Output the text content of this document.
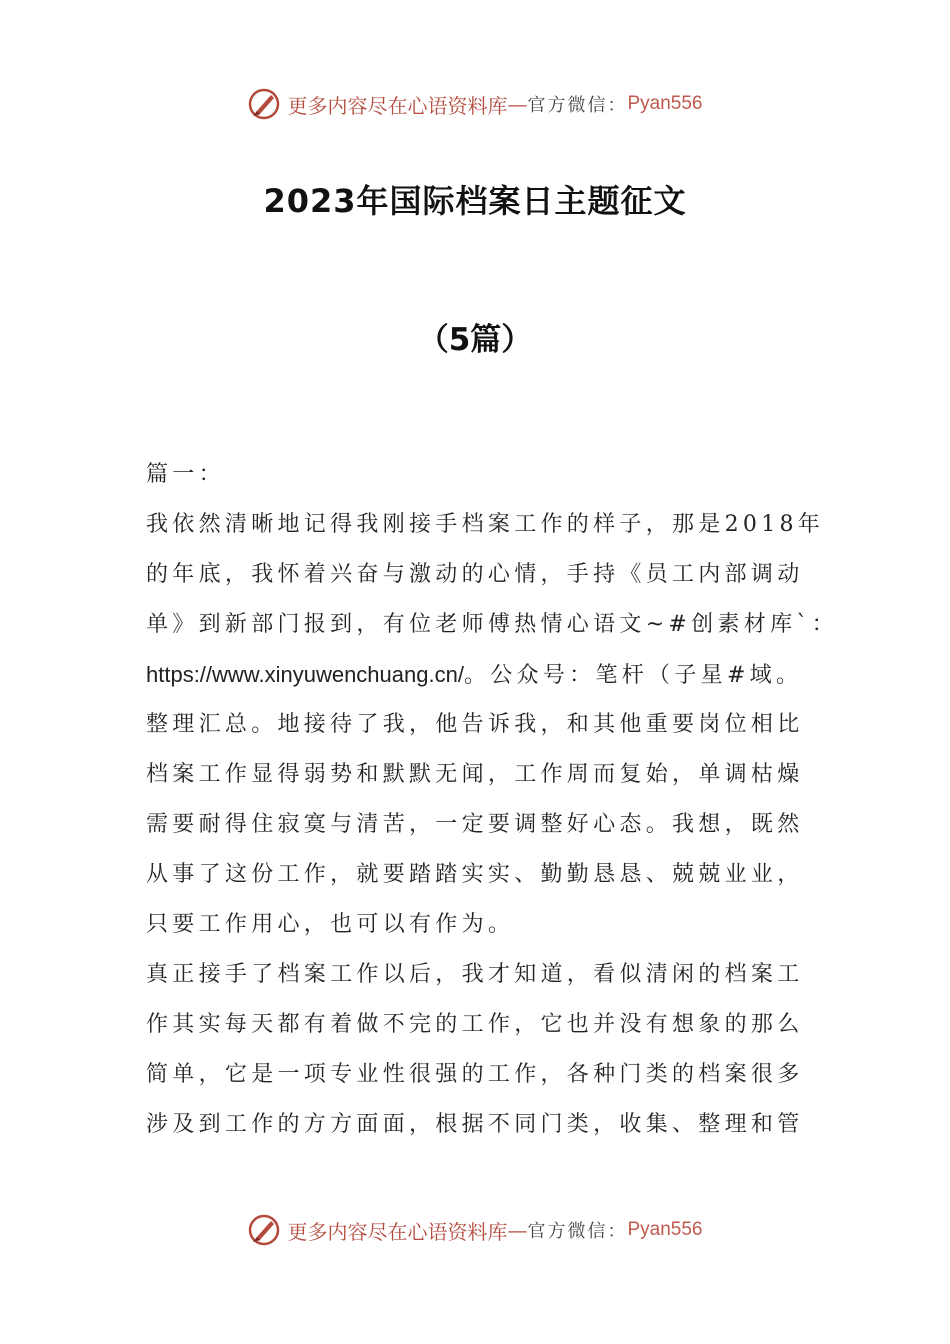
更多内容尽在心语资料库 — 官方微信： Pyan556
2023年国际档案日主题征文
（5篇）
篇一：
我依然清晰地记得我刚接手档案工作的样子，那是2018年
的年底，我怀着兴奋与激动的心情，手持《员工内部调动
单》到新部门报到，有位老师傅热情心语文~#创素材库`：
https://www.xinyuwenchuang.cn/。公众号：笔杆（子星#域。
整理汇总。地接待了我，他告诉我，和其他重要岗位相比
档案工作显得弱势和默默无闻，工作周而复始，单调枯燥
需要耐得住寂寞与清苦，一定要调整好心态。我想，既然
从事了这份工作，就要踏踏实实、勤勤恳恳、兢兢业业，
只要工作用心，也可以有作为。
真正接手了档案工作以后，我才知道，看似清闲的档案工
作其实每天都有着做不完的工作，它也并没有想象的那么
简单，它是一项专业性很强的工作，各种门类的档案很多
涉及到工作的方方面面，根据不同门类，收集、整理和管
更多内容尽在心语资料库 — 官方微信： Pyan556
